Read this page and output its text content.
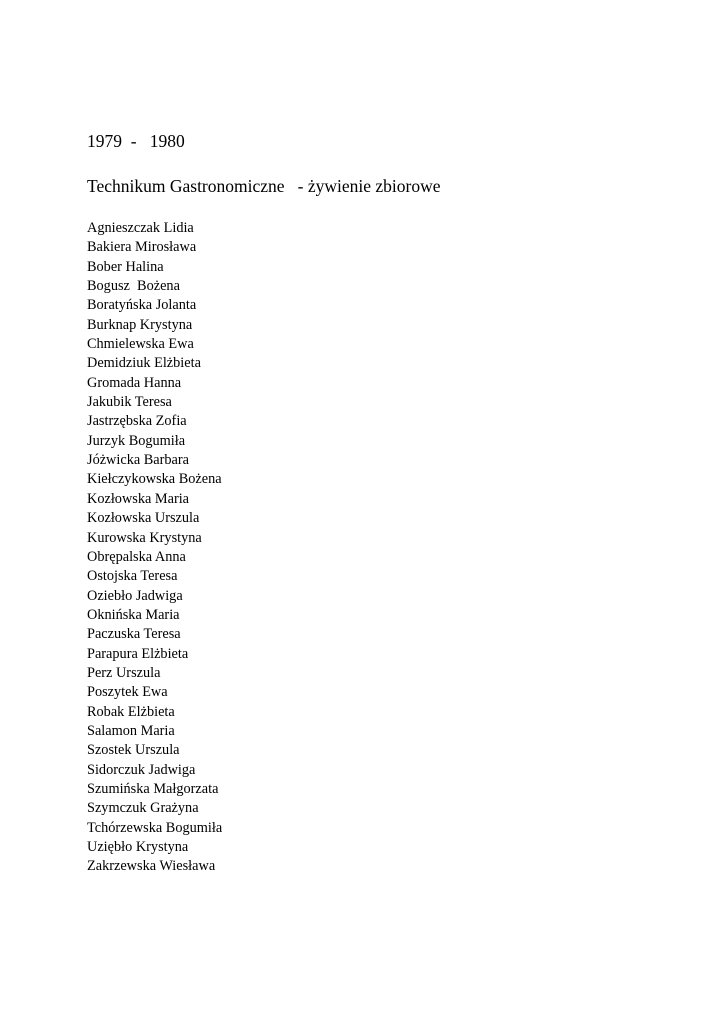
1979  -   1980
Technikum Gastronomiczne   - żywienie zbiorowe
Agnieszczak Lidia
Bakiera Mirosława
Bober Halina
Bogusz  Bożena
Boratyńska Jolanta
Burknap Krystyna
Chmielewska Ewa
Demidziuk Elżbieta
Gromada Hanna
Jakubik Teresa
Jastrzębska Zofia
Jurzyk Bogumiła
Jóżwicka Barbara
Kiełczykowska Bożena
Kozłowska Maria
Kozłowska Urszula
Kurowska Krystyna
Obrępalska Anna
Ostojska Teresa
Oziebło Jadwiga
Oknińska Maria
Paczuska Teresa
Parapura Elżbieta
Perz Urszula
Poszytek Ewa
Robak Elżbieta
Salamon Maria
Szostek Urszula
Sidorczuk Jadwiga
Szumińska Małgorzata
Szymczuk Grażyna
Tchórzewska Bogumiła
Uziębło Krystyna
Zakrzewska Wiesława
